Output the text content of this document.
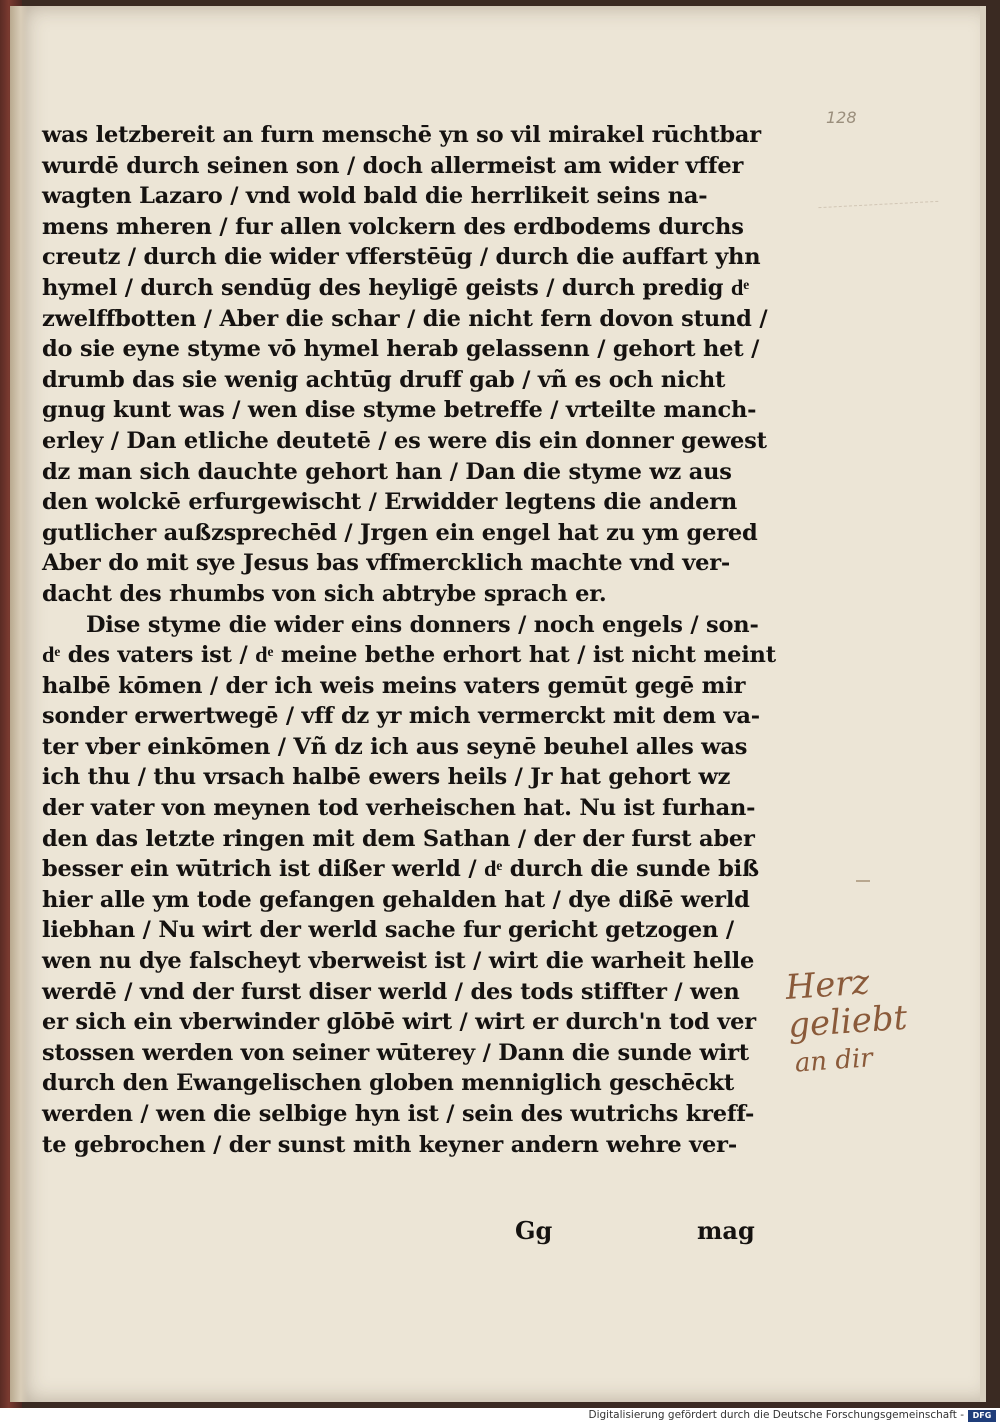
128
was letzbereit an furn menschē yn so vil mirakel rūchtbar
wurdē durch seinen son / doch allermeist am wider vffer
wagten Lazaro / vnd wold bald die herrlikeit seins na-
mens mheren / fur allen volckern des erdbodems durchs
creutz / durch die wider vfferstēūg / durch die auffart yhn
hymel / durch sendūg des heyligē geists / durch predig dͤ
zwelffbotten / Aber die schar / die nicht fern dovon stund /
do sie eyne styme vō hymel herab gelassenn / gehort het /
drumb das sie wenig achtūg druff gab / vñ es och nicht
gnug kunt was / wen dise styme betreffe / vrteilte manch-
erley / Dan etliche deutetē / es were dis ein donner gewest
dz man sich dauchte gehort han / Dan die styme wz aus
den wolckē erfurgewischt / Erwidder legtens die andern
gutlicher außzsprechēd / Jrgen ein engel hat zu ym gered
Aber do mit sye Jesus bas vffmercklich machte vnd ver-
dacht des rhumbs von sich abtrybe sprach er.
Dise styme die wider eins donners / noch engels / son-
dͤ des vaters ist / dͤ meine bethe erhort hat / ist nicht meint
halbē kōmen / der ich weis meins vaters gemūt gegē mir
sonder erwertwegē / vff dz yr mich vermerckt mit dem va-
ter vber einkōmen / Vñ dz ich aus seynē beuhel alles was
ich thu / thu vrsach halbē ewers heils / Jr hat gehort wz
der vater von meynen tod verheischen hat. Nu ist furhan-
den das letzte ringen mit dem Sathan / der der furst aber
besser ein wūtrich ist dißer werld / dͤ durch die sunde biß
hier alle ym tode gefangen gehalden hat / dye dißē werld
liebhan / Nu wirt der werld sache fur gericht getzogen /
wen nu dye falscheyt vberweist ist / wirt die warheit helle
werdē / vnd der furst diser werld / des tods stiffter / wen
er sich ein vberwinder glōbē wirt / wirt er durch'n tod ver
stossen werden von seiner wūterey / Dann die sunde wirt
durch den Ewangelischen globen menniglich geschēckt
werden / wen die selbige hyn ist / sein des wutrichs kreff-
te gebrochen / der sunst mith keyner andern wehre ver-
Gg	mag
Herz geliebt
an dir
Digitalisierung gefördert durch die Deutsche Forschungsgemeinschaft -	DFG
